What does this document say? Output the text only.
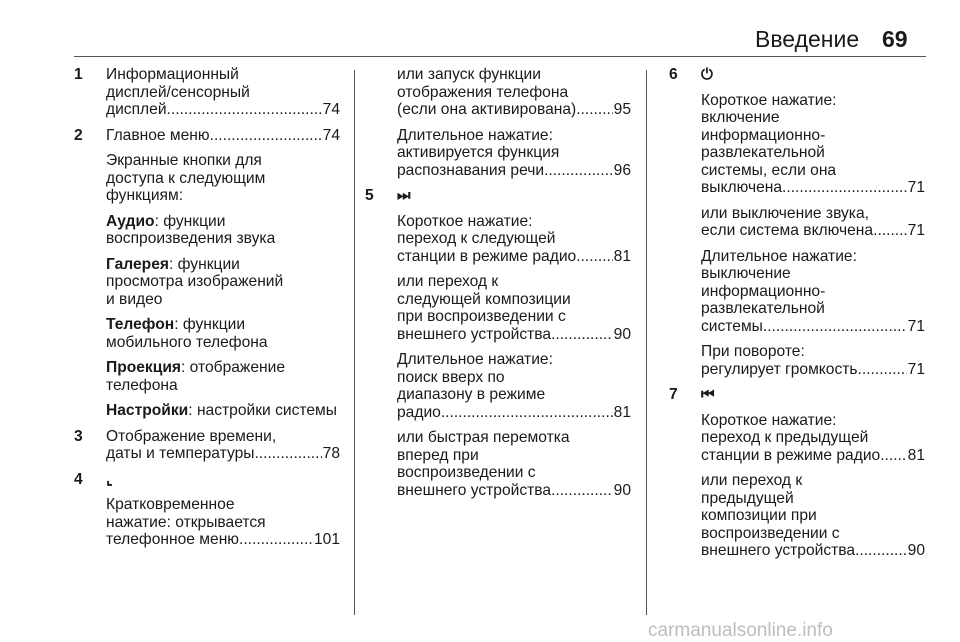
Введение 69
1 Информационный
дисплей/сенсорный
дисплей .....	74
2 Главное меню .....	74
Экранные кнопки для
доступа к следующим
функциям:
Аудио: функции
воспроизведения звука
Галерея: функции
просмотра изображений
и видео
Телефон: функции
мобильного телефона
Проекция: отображение
телефона
Настройки: настройки системы
3 Отображение времени,
даты и температуры .....	78
4 ⌞
Кратковременное
нажатие: открывается
телефонное меню .....	101
или запуск функции
отображения телефона
(если она активирована) ..... 95
Длительное нажатие:
активируется функция
распознавания речи .....	96
5 ⏭
Короткое нажатие:
переход к следующей
станции в режиме радио ..... 81
или переход к
следующей композиции
при воспроизведении с
внешнего устройства .....	90
Длительное нажатие:
поиск вверх по
диапазону в режиме
радио .....	81
или быстрая перемотка
вперед при
воспроизведении с
внешнего устройства .....	90
6 ⏻
Короткое нажатие:
включение
информационно-
развлекательной
системы, если она
выключена .....	71
или выключение звука,
если система включена ..... 71
Длительное нажатие:
выключение
информационно-
развлекательной
системы .....	71
При повороте:
регулирует громкость .....	71
7 ⏮
Короткое нажатие:
переход к предыдущей
станции в режиме радио ..... 81
или переход к
предыдущей
композиции при
воспроизведении с
внешнего устройства .....	90
carmanualsonline.info
